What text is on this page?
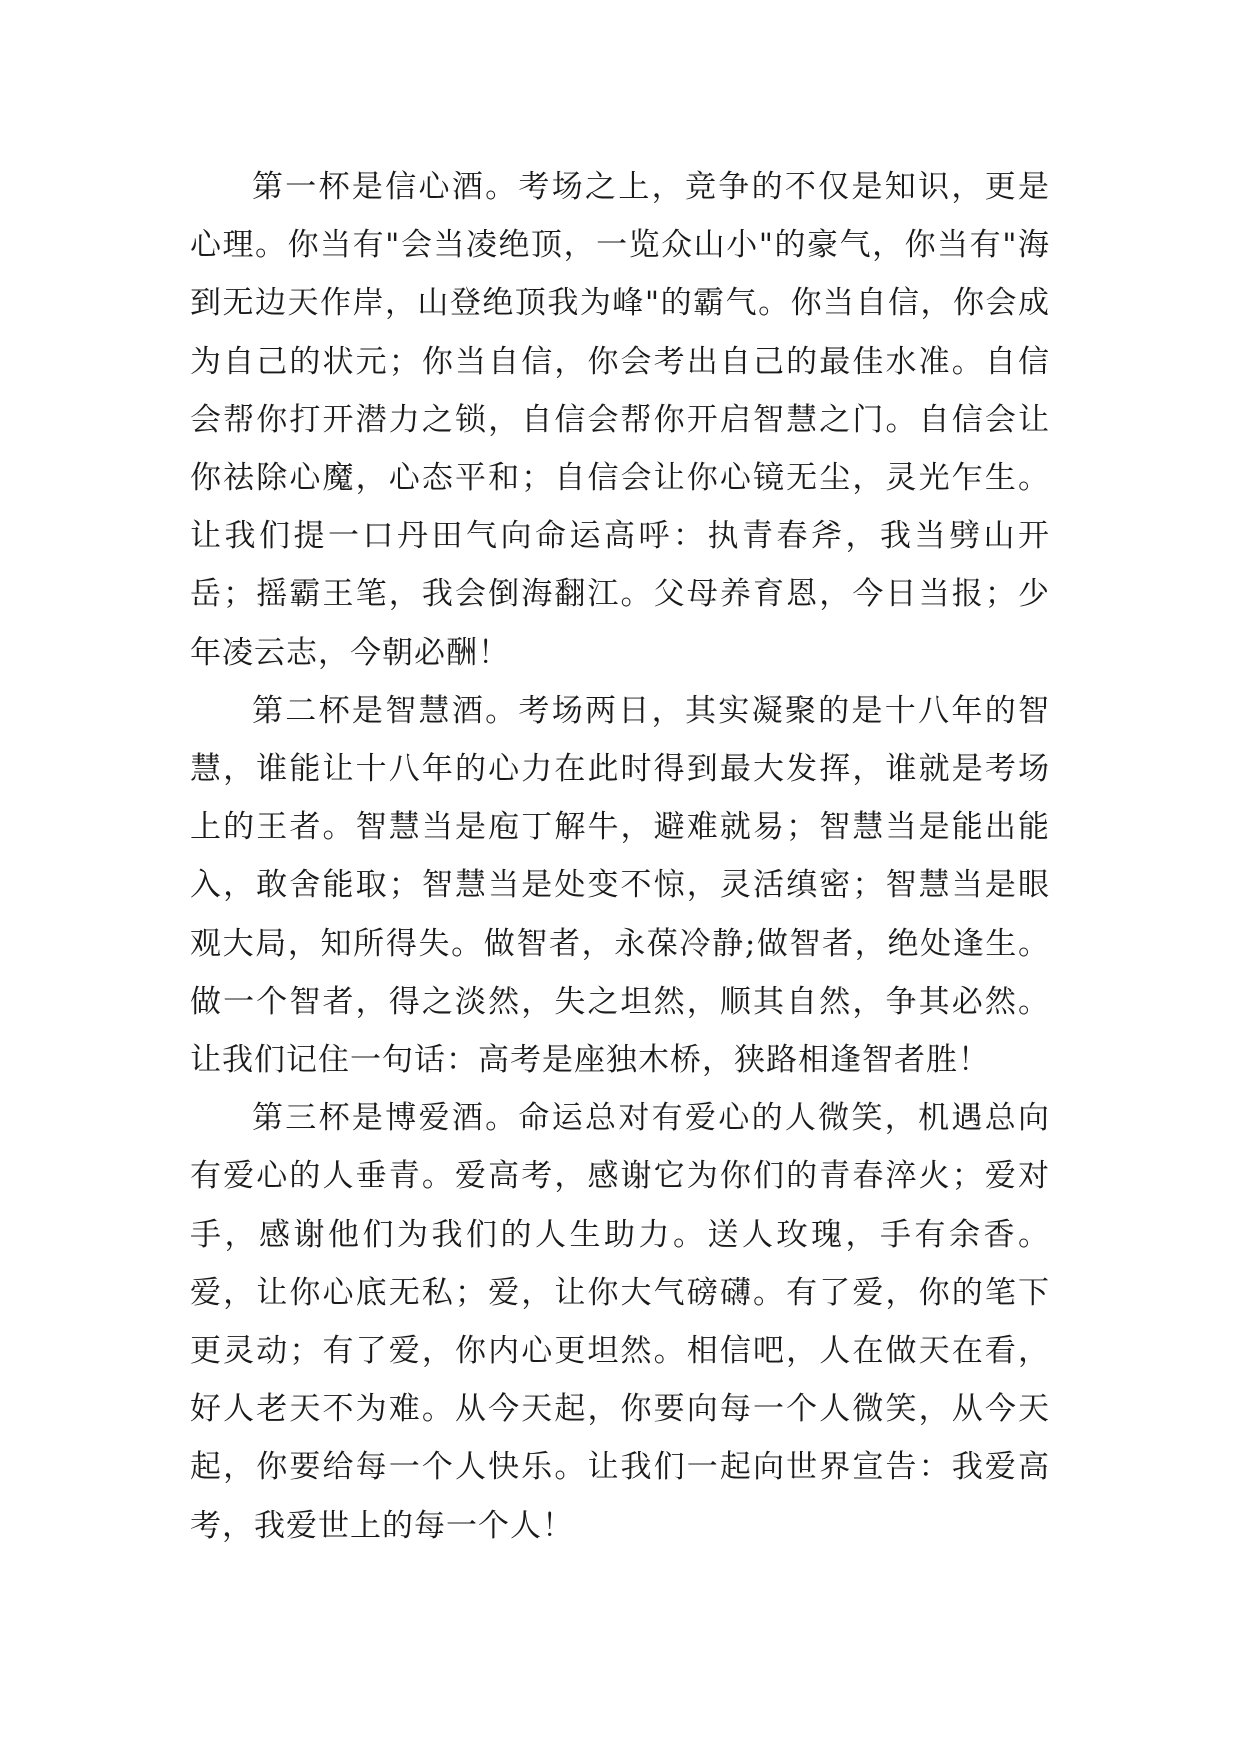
第一杯是信心酒。考场之上，竞争的不仅是知识，更是心理。你当有"会当凌绝顶，一览众山小"的豪气，你当有"海到无边天作岸，山登绝顶我为峰"的霸气。你当自信，你会成为自己的状元；你当自信，你会考出自己的最佳水准。自信会帮你打开潜力之锁，自信会帮你开启智慧之门。自信会让你祛除心魔，心态平和；自信会让你心镜无尘，灵光乍生。让我们提一口丹田气向命运高呼：执青春斧，我当劈山开岳；摇霸王笔，我会倒海翻江。父母养育恩，今日当报；少年凌云志，今朝必酬！

第二杯是智慧酒。考场两日，其实凝聚的是十八年的智慧，谁能让十八年的心力在此时得到最大发挥，谁就是考场上的王者。智慧当是庖丁解牛，避难就易；智慧当是能出能入，敢舍能取；智慧当是处变不惊，灵活缜密；智慧当是眼观大局，知所得失。做智者，永葆冷静;做智者，绝处逢生。做一个智者，得之淡然，失之坦然，顺其自然，争其必然。让我们记住一句话：高考是座独木桥，狭路相逢智者胜！

第三杯是博爱酒。命运总对有爱心的人微笑，机遇总向有爱心的人垂青。爱高考，感谢它为你们的青春淬火；爱对手，感谢他们为我们的人生助力。送人玫瑰，手有余香。爱，让你心底无私；爱，让你大气磅礴。有了爱，你的笔下更灵动；有了爱，你内心更坦然。相信吧，人在做天在看，好人老天不为难。从今天起，你要向每一个人微笑，从今天起，你要给每一个人快乐。让我们一起向世界宣告：我爱高考，我爱世上的每一个人！
